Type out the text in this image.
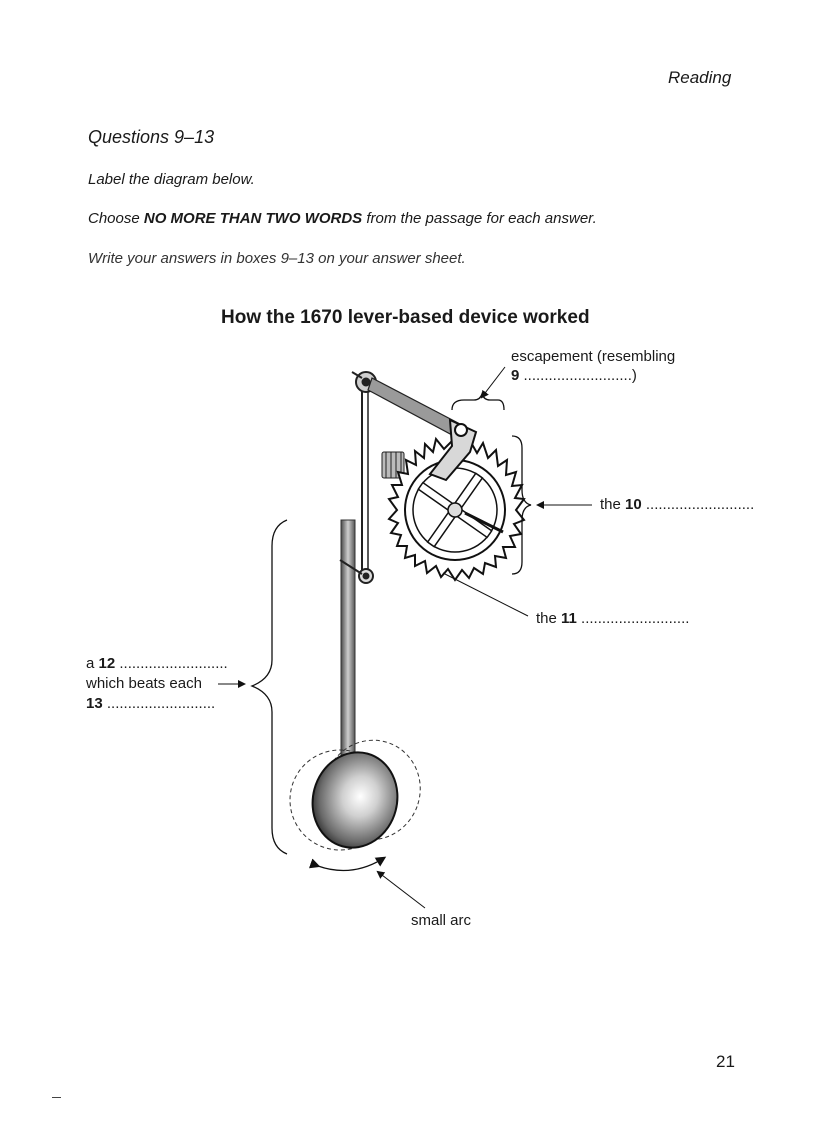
Reading
Questions 9–13
Label the diagram below.
Choose NO MORE THAN TWO WORDS from the passage for each answer.
Write your answers in boxes 9–13 on your answer sheet.
How the 1670 lever-based device worked
escapement (resembling
9 ..........................)
the 10 ..........................
the 11 ..........................
a 12 ..........................
which beats each
13 ..........................
small arc
21
